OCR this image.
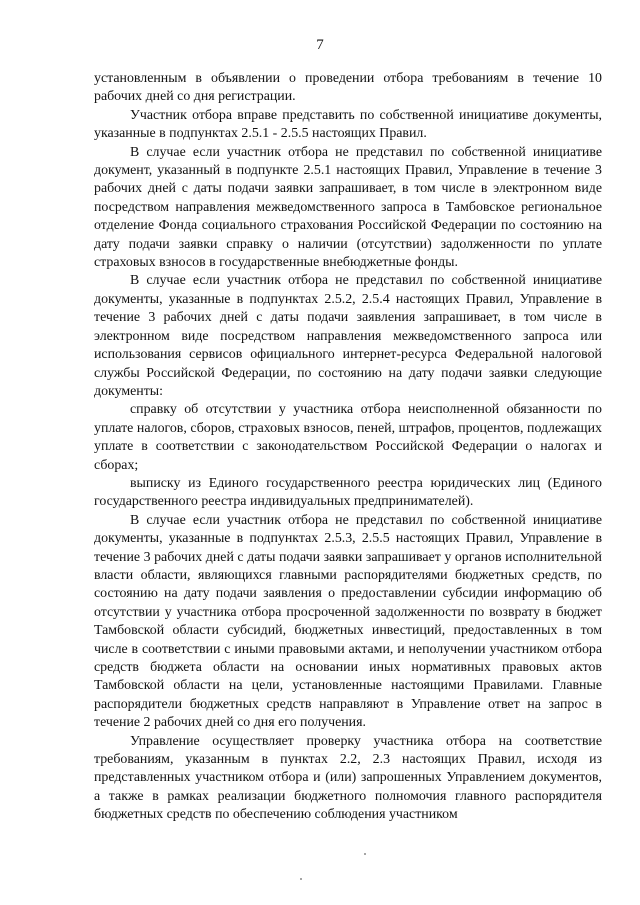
7

установленным в объявлении о проведении отбора требованиям в течение 10 рабочих дней со дня регистрации.

Участник отбора вправе представить по собственной инициативе документы, указанные в подпунктах 2.5.1 - 2.5.5 настоящих Правил.

В случае если участник отбора не представил по собственной инициативе документ, указанный в подпункте 2.5.1 настоящих Правил, Управление в течение 3 рабочих дней с даты подачи заявки запрашивает, в том числе в электронном виде посредством направления межведомственного запроса в Тамбовское региональное отделение Фонда социального страхования Российской Федерации по состоянию на дату подачи заявки справку о наличии (отсутствии) задолженности по уплате страховых взносов в государственные внебюджетные фонды.

В случае если участник отбора не представил по собственной инициативе документы, указанные в подпунктах 2.5.2, 2.5.4 настоящих Правил, Управление в течение 3 рабочих дней с даты подачи заявления запрашивает, в том числе в электронном виде посредством направления межведомственного запроса или использования сервисов официального интернет-ресурса Федеральной налоговой службы Российской Федерации, по состоянию на дату подачи заявки следующие документы:

справку об отсутствии у участника отбора неисполненной обязанности по уплате налогов, сборов, страховых взносов, пеней, штрафов, процентов, подлежащих уплате в соответствии с законодательством Российской Федерации о налогах и сборах;

выписку из Единого государственного реестра юридических лиц (Единого государственного реестра индивидуальных предпринимателей).

В случае если участник отбора не представил по собственной инициативе документы, указанные в подпунктах 2.5.3, 2.5.5 настоящих Правил, Управление в течение 3 рабочих дней с даты подачи заявки запрашивает у органов исполнительной власти области, являющихся главными распорядителями бюджетных средств, по состоянию на дату подачи заявления о предоставлении субсидии информацию об отсутствии у участника отбора просроченной задолженности по возврату в бюджет Тамбовской области субсидий, бюджетных инвестиций, предоставленных в том числе в соответствии с иными правовыми актами, и неполучении участником отбора средств бюджета области на основании иных нормативных правовых актов Тамбовской области на цели, установленные настоящими Правилами. Главные распорядители бюджетных средств направляют в Управление ответ на запрос в течение 2 рабочих дней со дня его получения.

Управление осуществляет проверку участника отбора на соответствие требованиям, указанным в пунктах 2.2, 2.3 настоящих Правил, исходя из представленных участником отбора и (или) запрошенных Управлением документов, а также в рамках реализации бюджетного полномочия главного распорядителя бюджетных средств по обеспечению соблюдения участником
